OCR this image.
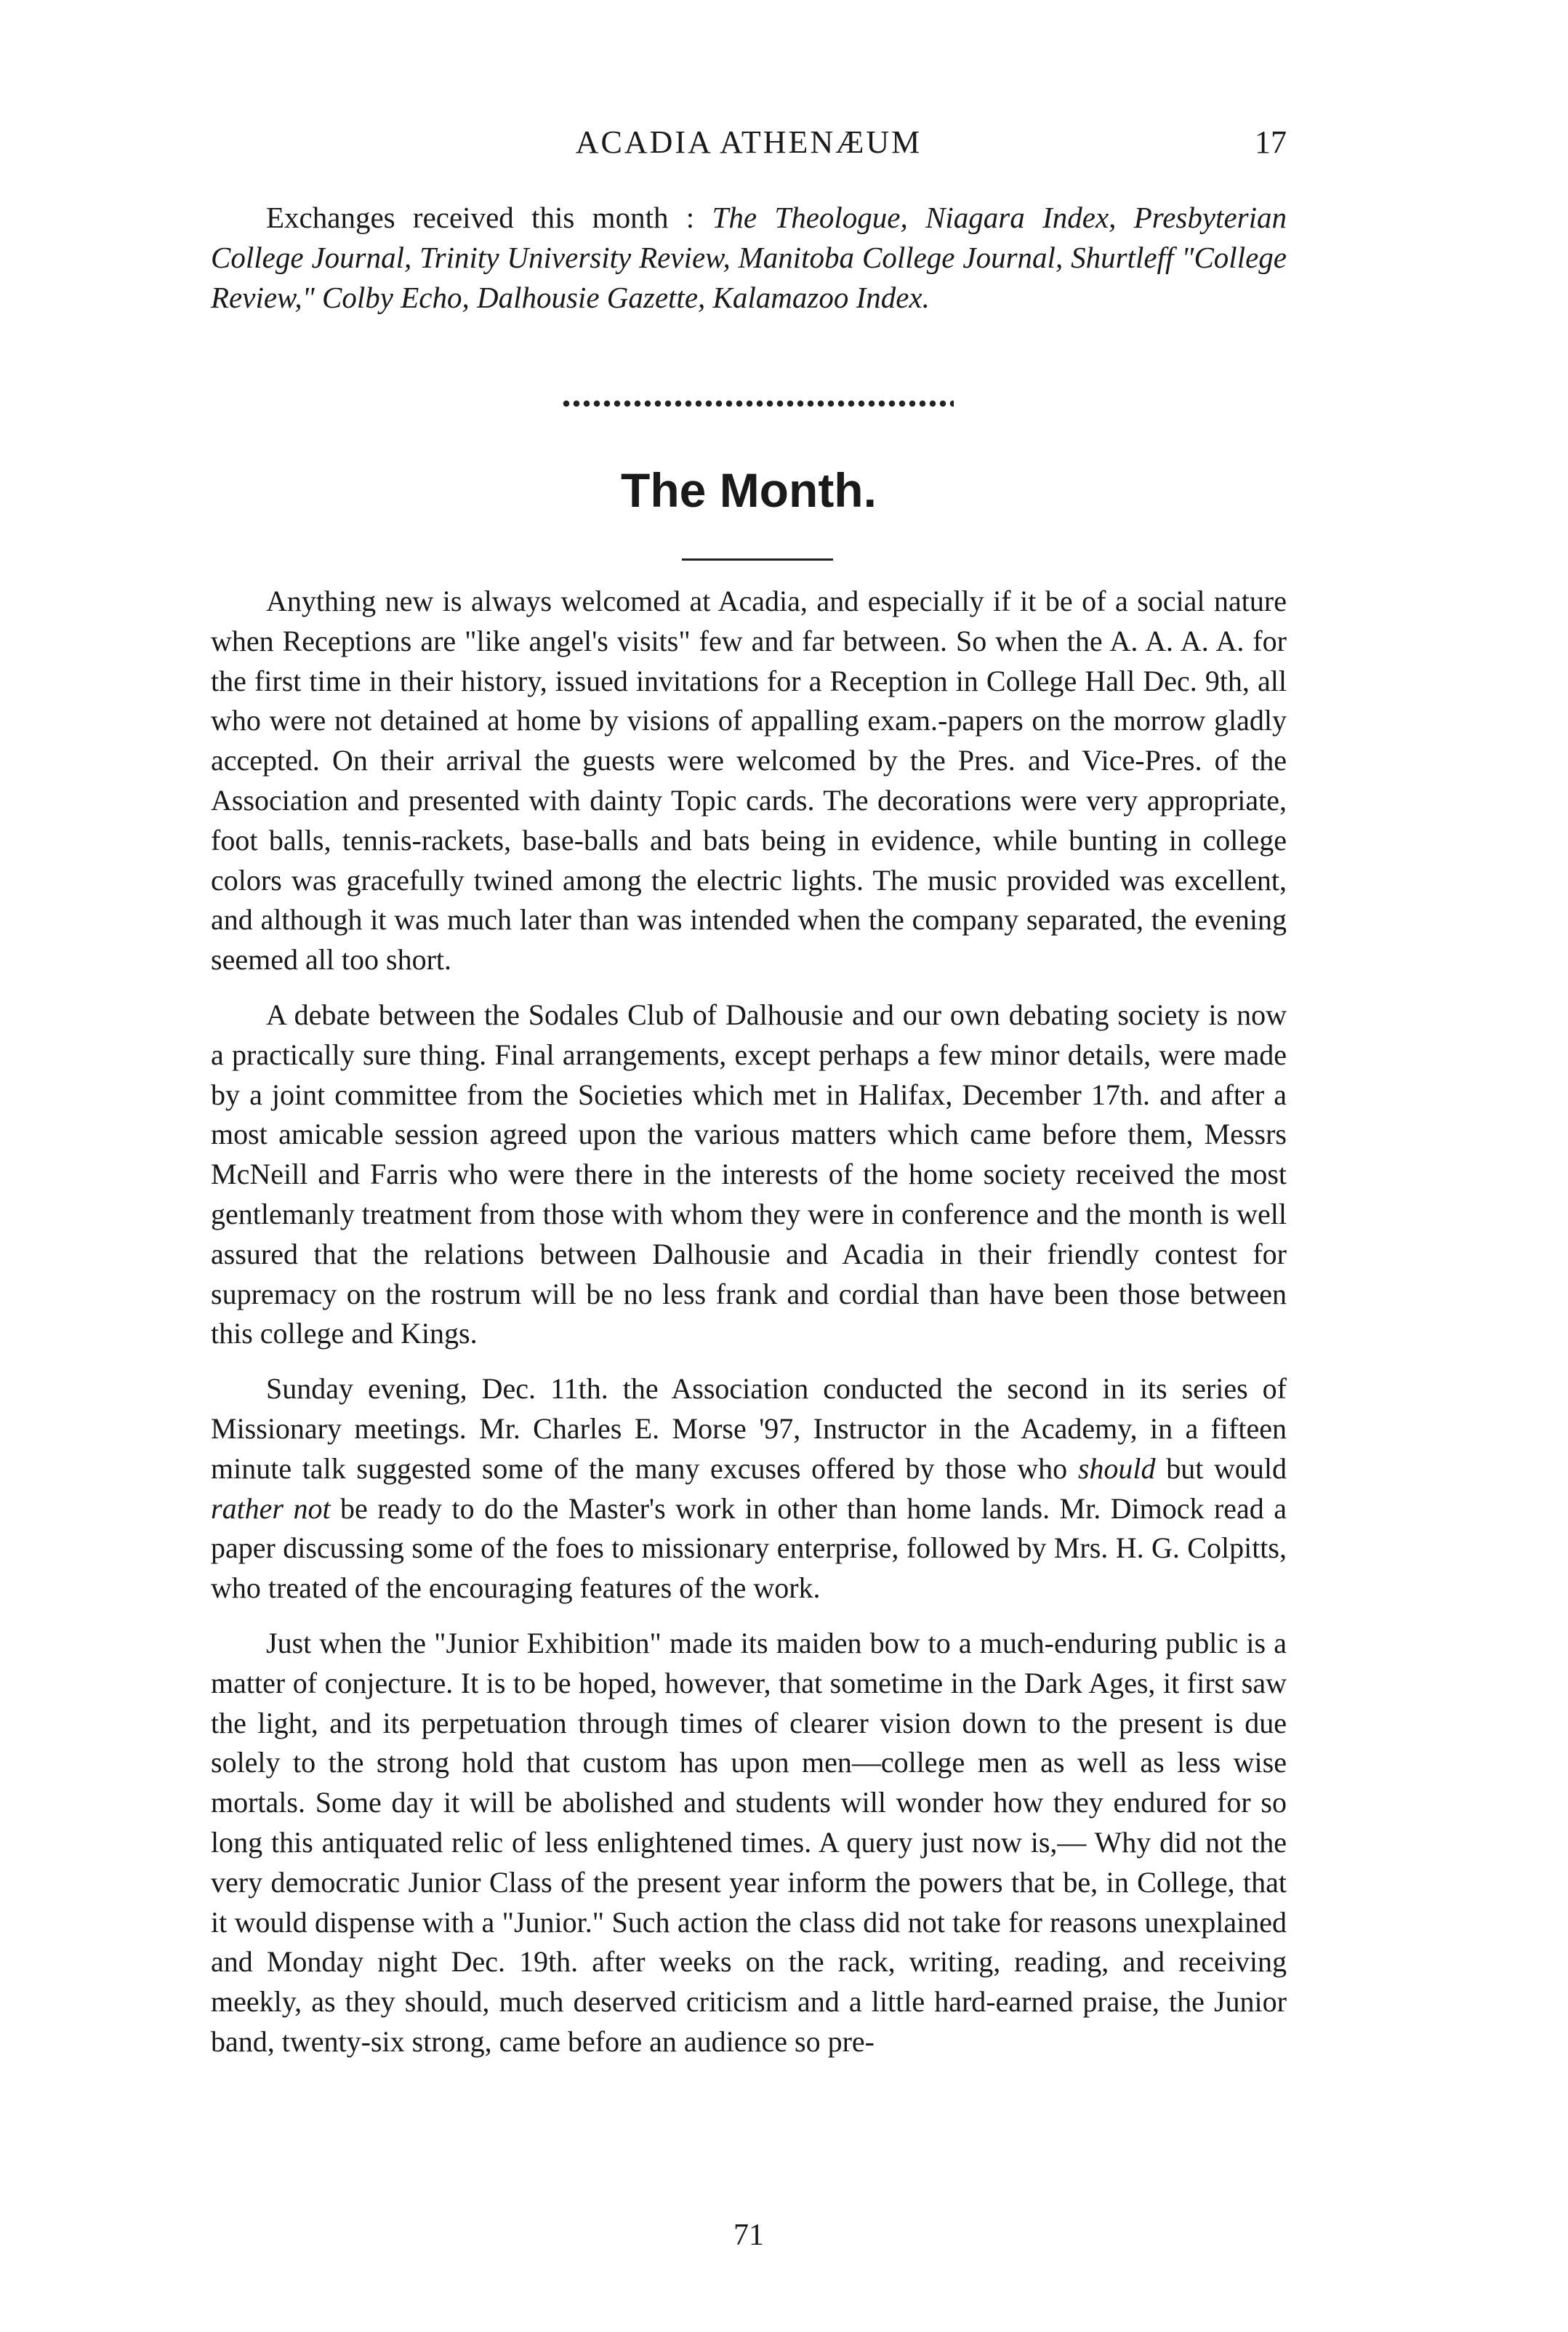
ACADIA ATHENÆUM	17
Exchanges received this month : The Theologue, Niagara Index, Presbyterian College Journal, Trinity University Review, Manitoba College Journal, Shurtleff "College Review," Colby Echo, Dalhousie Gazette, Kalamazoo Index.
The Month.

Anything new is always welcomed at Acadia, and especially if it be of a social nature when Receptions are "like angel's visits" few and far between. So when the A. A. A. A. for the first time in their history, issued invitations for a Reception in College Hall Dec. 9th, all who were not detained at home by visions of appalling exam.-papers on the morrow gladly accepted. On their arrival the guests were welcomed by the Pres. and Vice-Pres. of the Association and presented with dainty Topic cards. The decorations were very appropriate, foot balls, tennis-rackets, base-balls and bats being in evidence, while bunting in college colors was gracefully twined among the electric lights. The music provided was excellent, and although it was much later than was intended when the company separated, the evening seemed all too short.

A debate between the Sodales Club of Dalhousie and our own debating society is now a practically sure thing. Final arrangements, except perhaps a few minor details, were made by a joint committee from the Societies which met in Halifax, December 17th. and after a most amicable session agreed upon the various matters which came before them, Messrs McNeill and Farris who were there in the interests of the home society received the most gentlemanly treatment from those with whom they were in conference and the month is well assured that the relations between Dalhousie and Acadia in their friendly contest for supremacy on the rostrum will be no less frank and cordial than have been those between this college and Kings.

Sunday evening, Dec. 11th. the Association conducted the second in its series of Missionary meetings. Mr. Charles E. Morse '97, Instructor in the Academy, in a fifteen minute talk suggested some of the many excuses offered by those who should but would rather not be ready to do the Master's work in other than home lands. Mr. Dimock read a paper discussing some of the foes to missionary enterprise, followed by Mrs. H. G. Colpitts, who treated of the encouraging features of the work.

Just when the "Junior Exhibition" made its maiden bow to a much-enduring public is a matter of conjecture. It is to be hoped, however, that sometime in the Dark Ages, it first saw the light, and its perpetuation through times of clearer vision down to the present is due solely to the strong hold that custom has upon men—college men as well as less wise mortals. Some day it will be abolished and students will wonder how they endured for so long this antiquated relic of less enlightened times. A query just now is,— Why did not the very democratic Junior Class of the present year inform the powers that be, in College, that it would dispense with a "Junior." Such action the class did not take for reasons unexplained and Monday night Dec. 19th. after weeks on the rack, writing, reading, and receiving meekly, as they should, much deserved criticism and a little hard-earned praise, the Junior band, twenty-six strong, came before an audience so pre-

71
